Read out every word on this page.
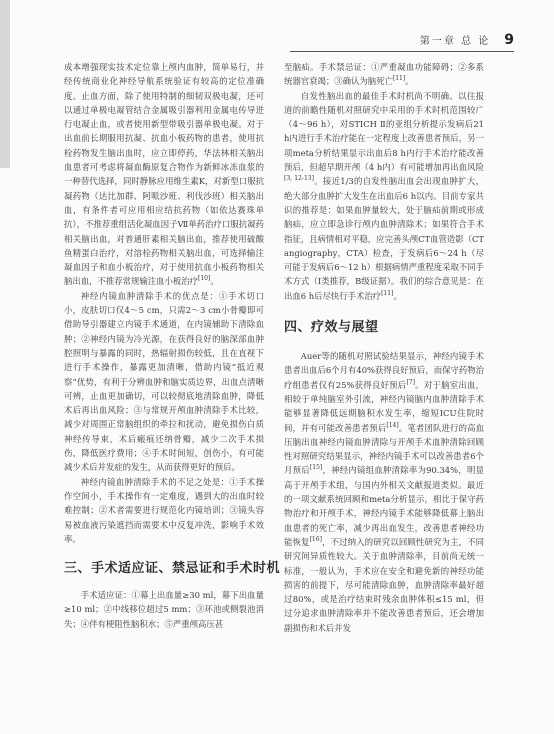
第一章 总 论 9

成本增强现实技术定位靠上颅内血肿，简单易行，并经传统商业化神经导航系统验证有较高的定位准确度。止血方面，除了使用特制的细韧双极电凝，还可以通过单极电凝管结合金属吸引器利用金属电传导进行电凝止血，或者使用新型带吸引器单极电凝。对于出血前长期服用抗凝、抗血小板药物的患者，使用抗栓药物发生脑出血时，应立即停药，华法林相关脑出血患者可考虑将凝血酶原复合物作为新鲜冰冻血浆的一种替代选择，同时静脉应用维生素K，对新型口服抗凝药物（达比加群、阿哌沙班、利伐沙班）相关脑出血，有条件者可应用相应结抗药物（如依达赛珠单抗），不推荐重组活化凝血因子Ⅶ单药治疗口服抗凝药相关脑出血，对普通肝素相关脑出血，推荐使用硫酸鱼精蛋白治疗，对溶栓药物相关脑出血，可选择输注凝血因子和血小板治疗，对于使用抗血小板药物相关脑出血，不推荐常规输注血小板治疗[10]。

神经内镜血肿清除手术的优点是：①手术切口小，皮肤切口仅4～5 cm，只需2～3 cm小骨瓣即可借助导引器建立内镜手术通道，在内镜辅助下清除血肿；②神经内镜为冷光源，在获得良好的脑深部血肿腔照明与暴露的同时，热辐射损伤较低，且在直视下进行手术操作，暴露更加清晰，借助内镜“抵近观察”优势，有利于分辨血肿和脑实质边界，出血点清晰可辨，止血更加确切，可以较彻底地清除血肿，降低术后再出血风险；③与常规开颅血肿清除手术比较，减少对周围正常脑组织的牵拉和扰动，避免损伤白质神经传导束，术后瘢痕还纳骨瓣，减少二次手术损伤，降低医疗费用；④手术时间短，创伤小，有可能减少术后并发症的发生，从而获得更好的预后。

神经内镜血肿清除手术的不足之处是：①手术操作空间小，手术操作有一定难度，遇到大的出血时较难控制；②术者需要进行规范化内镜培训；③镜头容易被血液污染遮挡而需要术中反复冲洗，影响手术效率。

三、手术适应证、禁忌证和手术时机

手术适应证：①幕上出血量≥30 ml，幕下出血量≥10 ml；②中线移位超过5 mm；③环池或侧裂池消失；④伴有梗阻性脑积水；⑤严重颅高压甚

至脑疝。手术禁忌证：①严重凝血功能障碍；②多系统器官衰竭；③确认为脑死亡[11]。

自发性脑出血的最佳手术时机尚不明确。以往报道的前瞻性随机对照研究中采用的手术时机范围较广（4～96 h），对STICH Ⅱ的亚组分析提示发病后21 h内进行手术治疗能在一定程度上改善患者预后，另一项meta分析结果显示出血后8 h内行手术治疗能改善预后，但超早期开颅（4 h内）有可能增加再出血风险[3, 12-13]。接近1/3的自发性脑出血会出现血肿扩大，绝大部分血肿扩大发生在出血后6 h以内。目前专家共识的推荐是：如果血肿量较大，处于脑疝前期或形成脑疝，应立即急诊行颅内血肿清除术；如果符合手术指征，且病情相对平稳，应完善头颅CT血管造影（CT angiography，CTA）检查，于发病后6～24 h（尽可能于发病后6～12 h）根据病情严重程度采取不同手术方式（Ⅰ类推荐，B级证据）。我们的综合意见是：在出血6 h后尽快行手术治疗[11]。

四、疗效与展望

Auer等的随机对照试验结果显示，神经内镜手术患者出血后6个月有40%获得良好预后，而保守药物治疗组患者仅有25%获得良好预后[7]。对于脑室出血，相较于单纯脑室外引流，神经内镜脑内血肿清除手术能够显著降低远期脑积水发生率，缩短ICU住院时间，并有可能改善患者预后[14]。笔者团队进行的高血压脑出血神经内镜血肿清除与开颅手术血肿清除回顾性对照研究结果显示，神经内镜手术可以改善患者6个月预后[15]，神经内镜组血肿清除率为90.34%，明显高于开颅手术组，与国内外相关文献报道类似。最近的一项文献系统回顾和meta分析显示，相比于保守药物治疗和开颅手术，神经内镜手术能够降低幕上脑出血患者的死亡率，减少再出血发生，改善患者神经功能恢复[16]，不过纳入的研究以回顾性研究为主，不同研究间异质性较大。关于血肿清除率，目前尚无统一标准，一般认为，手术应在安全和避免新的神经功能损害的前提下，尽可能清除血肿，血肿清除率最好超过80%，或是治疗结束时残余血肿体积≤15 ml，但过分追求血肿清除率并不能改善患者预后，还会增加副损伤和术后并发
